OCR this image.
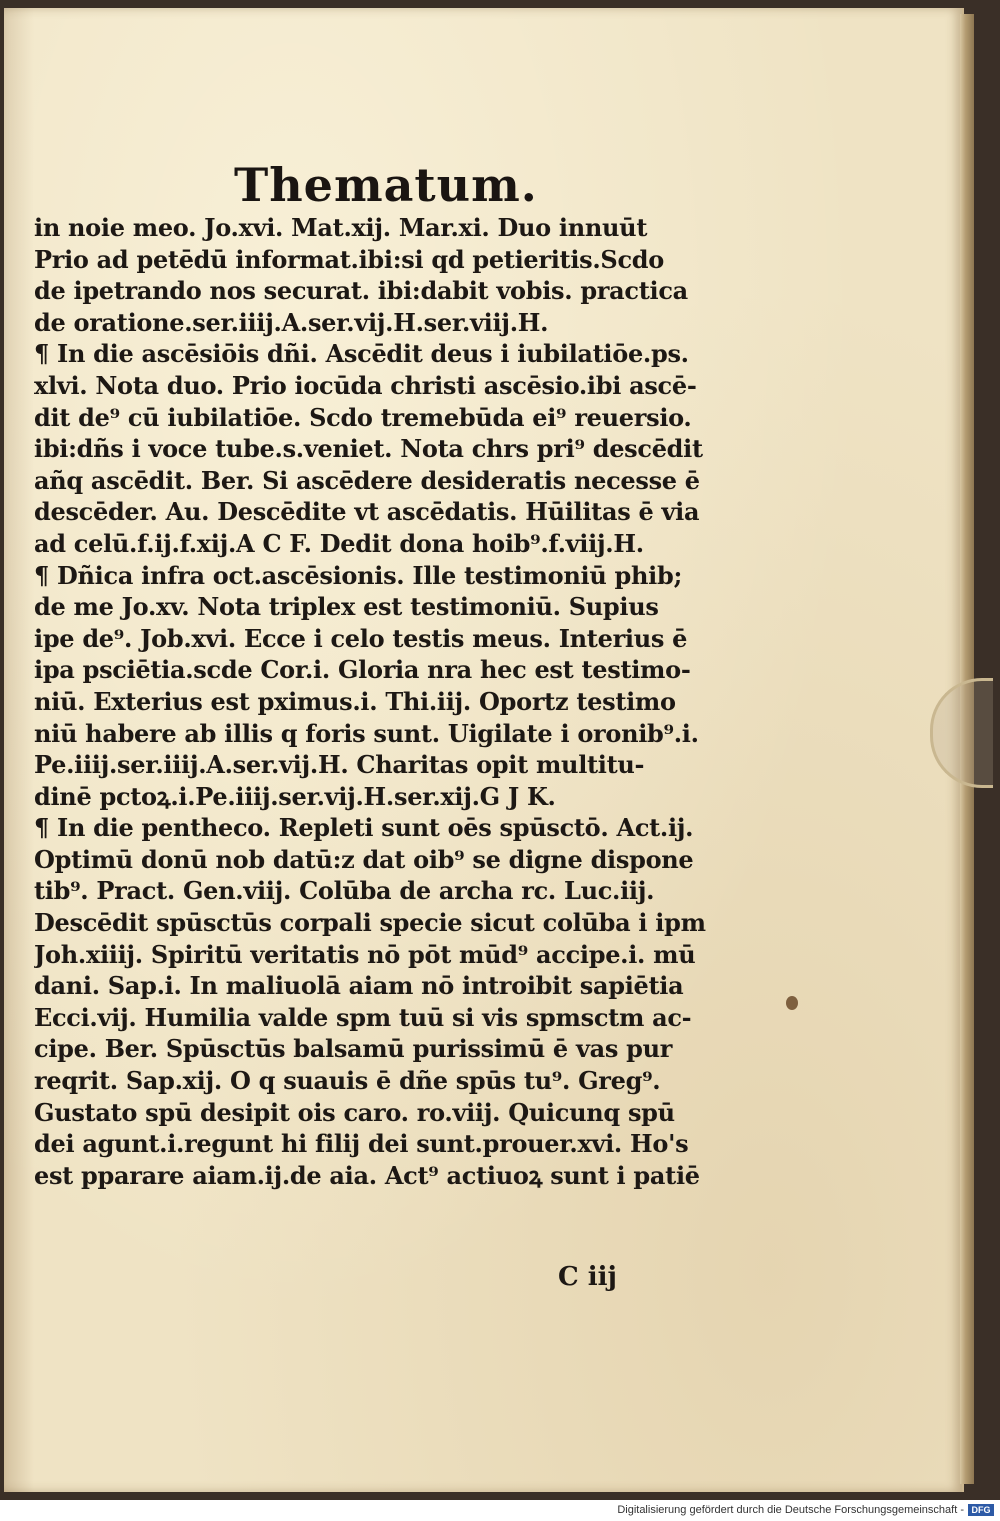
Thematum.
in noie meo. Jo.xvi. Mat.xij. Mar.xi. Duo innuūt
Prio ad petēdū informat.ibi:si qd petieritis.Scdo
de ipetrando nos securat. ibi:dabit vobis. practica
de oratione.ser.iiij.A.ser.vij.H.ser.viij.H.
¶ In die ascēsiōis dñi. Ascēdit deus i iubilatiōe.ps.
xlvi. Nota duo. Prio iocūda christi ascēsio.ibi ascē-
dit de⁹ cū iubilatiōe. Scdo tremebūda ei⁹ reuersio.
ibi:dñs i voce tube.s.veniet. Nota chrs pri⁹ descēdit
añq ascēdit. Ber. Si ascēdere desideratis necesse ē
descēder. Au. Descēdite vt ascēdatis. Hūilitas ē via
ad celū.f.ij.f.xij.A C F. Dedit dona hoib⁹.f.viij.H.
¶ Dñica infra oct.ascēsionis. Ille testimoniū phib;
de me Jo.xv. Nota triplex est testimoniū. Supius
ipe de⁹. Job.xvi. Ecce i celo testis meus. Interius ē
ipa psciētia.scde Cor.i. Gloria nra hec est testimo-
niū. Exterius est pximus.i. Thi.iij. Oportz testimo
niū habere ab illis q foris sunt. Uigilate i oronib⁹.i.
Pe.iiij.ser.iiij.A.ser.vij.H. Charitas opit multitu-
dinē pctoꝝ.i.Pe.iiij.ser.vij.H.ser.xij.G J K.
¶ In die pentheco. Repleti sunt oēs spūsctō. Act.ij.
Optimū donū nob datū:z dat oib⁹ se digne dispone
tib⁹. Pract. Gen.viij. Colūba de archa rc. Luc.iij.
Descēdit spūsctūs corpali specie sicut colūba i ipm
Joh.xiiij. Spiritū veritatis nō pōt mūd⁹ accipe.i. mū
dani. Sap.i. In maliuolā aiam nō introibit sapiētia
Ecci.vij. Humilia valde spm tuū si vis spmsctm ac-
cipe. Ber. Spūsctūs balsamū purissimū ē vas pur
reqrit. Sap.xij. O q suauis ē dñe spūs tu⁹. Greg⁹.
Gustato spū desipit ois caro. ro.viij. Quicunq spū
dei agunt.i.regunt hi filij dei sunt.prouer.xvi. Ho's
est pparare aiam.ij.de aia. Act⁹ actiuoꝝ sunt i patiē
C iij
Digitalisierung gefördert durch die Deutsche Forschungsgemeinschaft - DFG
